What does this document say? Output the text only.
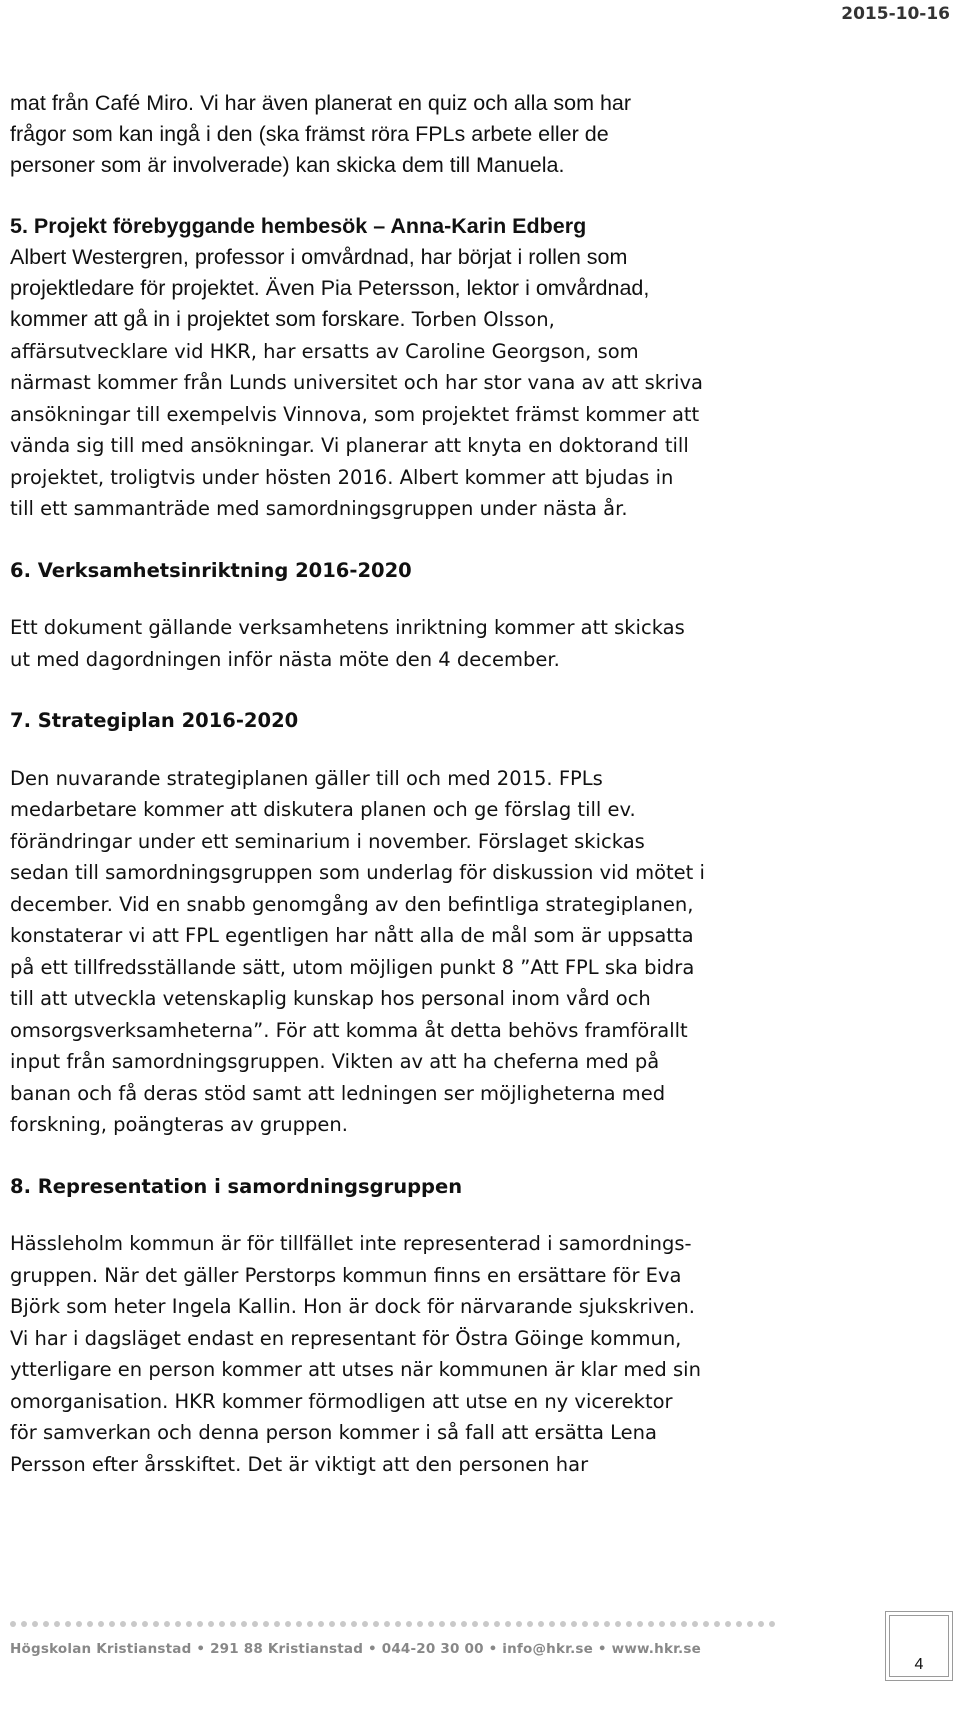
2015-10-16

mat från Café Miro. Vi har även planerat en quiz och alla som har

frågor som kan ingå i den (ska främst röra FPLs arbete eller de

personer som är involverade) kan skicka dem till Manuela.

5. Projekt förebyggande hembesök – Anna-Karin Edberg

Albert Westergren, professor i omvårdnad, har börjat i rollen som

projektledare för projektet. Även Pia Petersson, lektor i omvårdnad,

kommer att gå in i projektet som forskare. Torben Olsson,

affärsutvecklare vid HKR, har ersatts av Caroline Georgson, som

närmast kommer från Lunds universitet och har stor vana av att skriva

ansökningar till exempelvis Vinnova, som projektet främst kommer att

vända sig till med ansökningar. Vi planerar att knyta en doktorand till

projektet, troligtvis under hösten 2016. Albert kommer att bjudas in

till ett sammanträde med samordningsgruppen under nästa år.

6. Verksamhetsinriktning 2016-2020

Ett dokument gällande verksamhetens inriktning kommer att skickas

ut med dagordningen inför nästa möte den 4 december.

7. Strategiplan 2016-2020

Den nuvarande strategiplanen gäller till och med 2015. FPLs

medarbetare kommer att diskutera planen och ge förslag till ev.

förändringar under ett seminarium i november. Förslaget skickas

sedan till samordningsgruppen som underlag för diskussion vid mötet i

december. Vid en snabb genomgång av den befintliga strategiplanen,

konstaterar vi att FPL egentligen har nått alla de mål som är uppsatta

på ett tillfredsställande sätt, utom möjligen punkt 8 ”Att FPL ska bidra

till att utveckla vetenskaplig kunskap hos personal inom vård och

omsorgsverksamheterna”. För att komma åt detta behövs framförallt

input från samordningsgruppen. Vikten av att ha cheferna med på

banan och få deras stöd samt att ledningen ser möjligheterna med

forskning, poängteras av gruppen.

8. Representation i samordningsgruppen

Hässleholm kommun är för tillfället inte representerad i samordnings-

gruppen. När det gäller Perstorps kommun finns en ersättare för Eva

Björk som heter Ingela Kallin. Hon är dock för närvarande sjukskriven.

Vi har i dagsläget endast en representant för Östra Göinge kommun,

ytterligare en person kommer att utses när kommunen är klar med sin

omorganisation. HKR kommer förmodligen att utse en ny vicerektor

för samverkan och denna person kommer i så fall att ersätta Lena

Persson efter årsskiftet. Det är viktigt att den personen har

Högskolan Kristianstad • 291 88 Kristianstad • 044-20 30 00 • info@hkr.se • www.hkr.se
4
